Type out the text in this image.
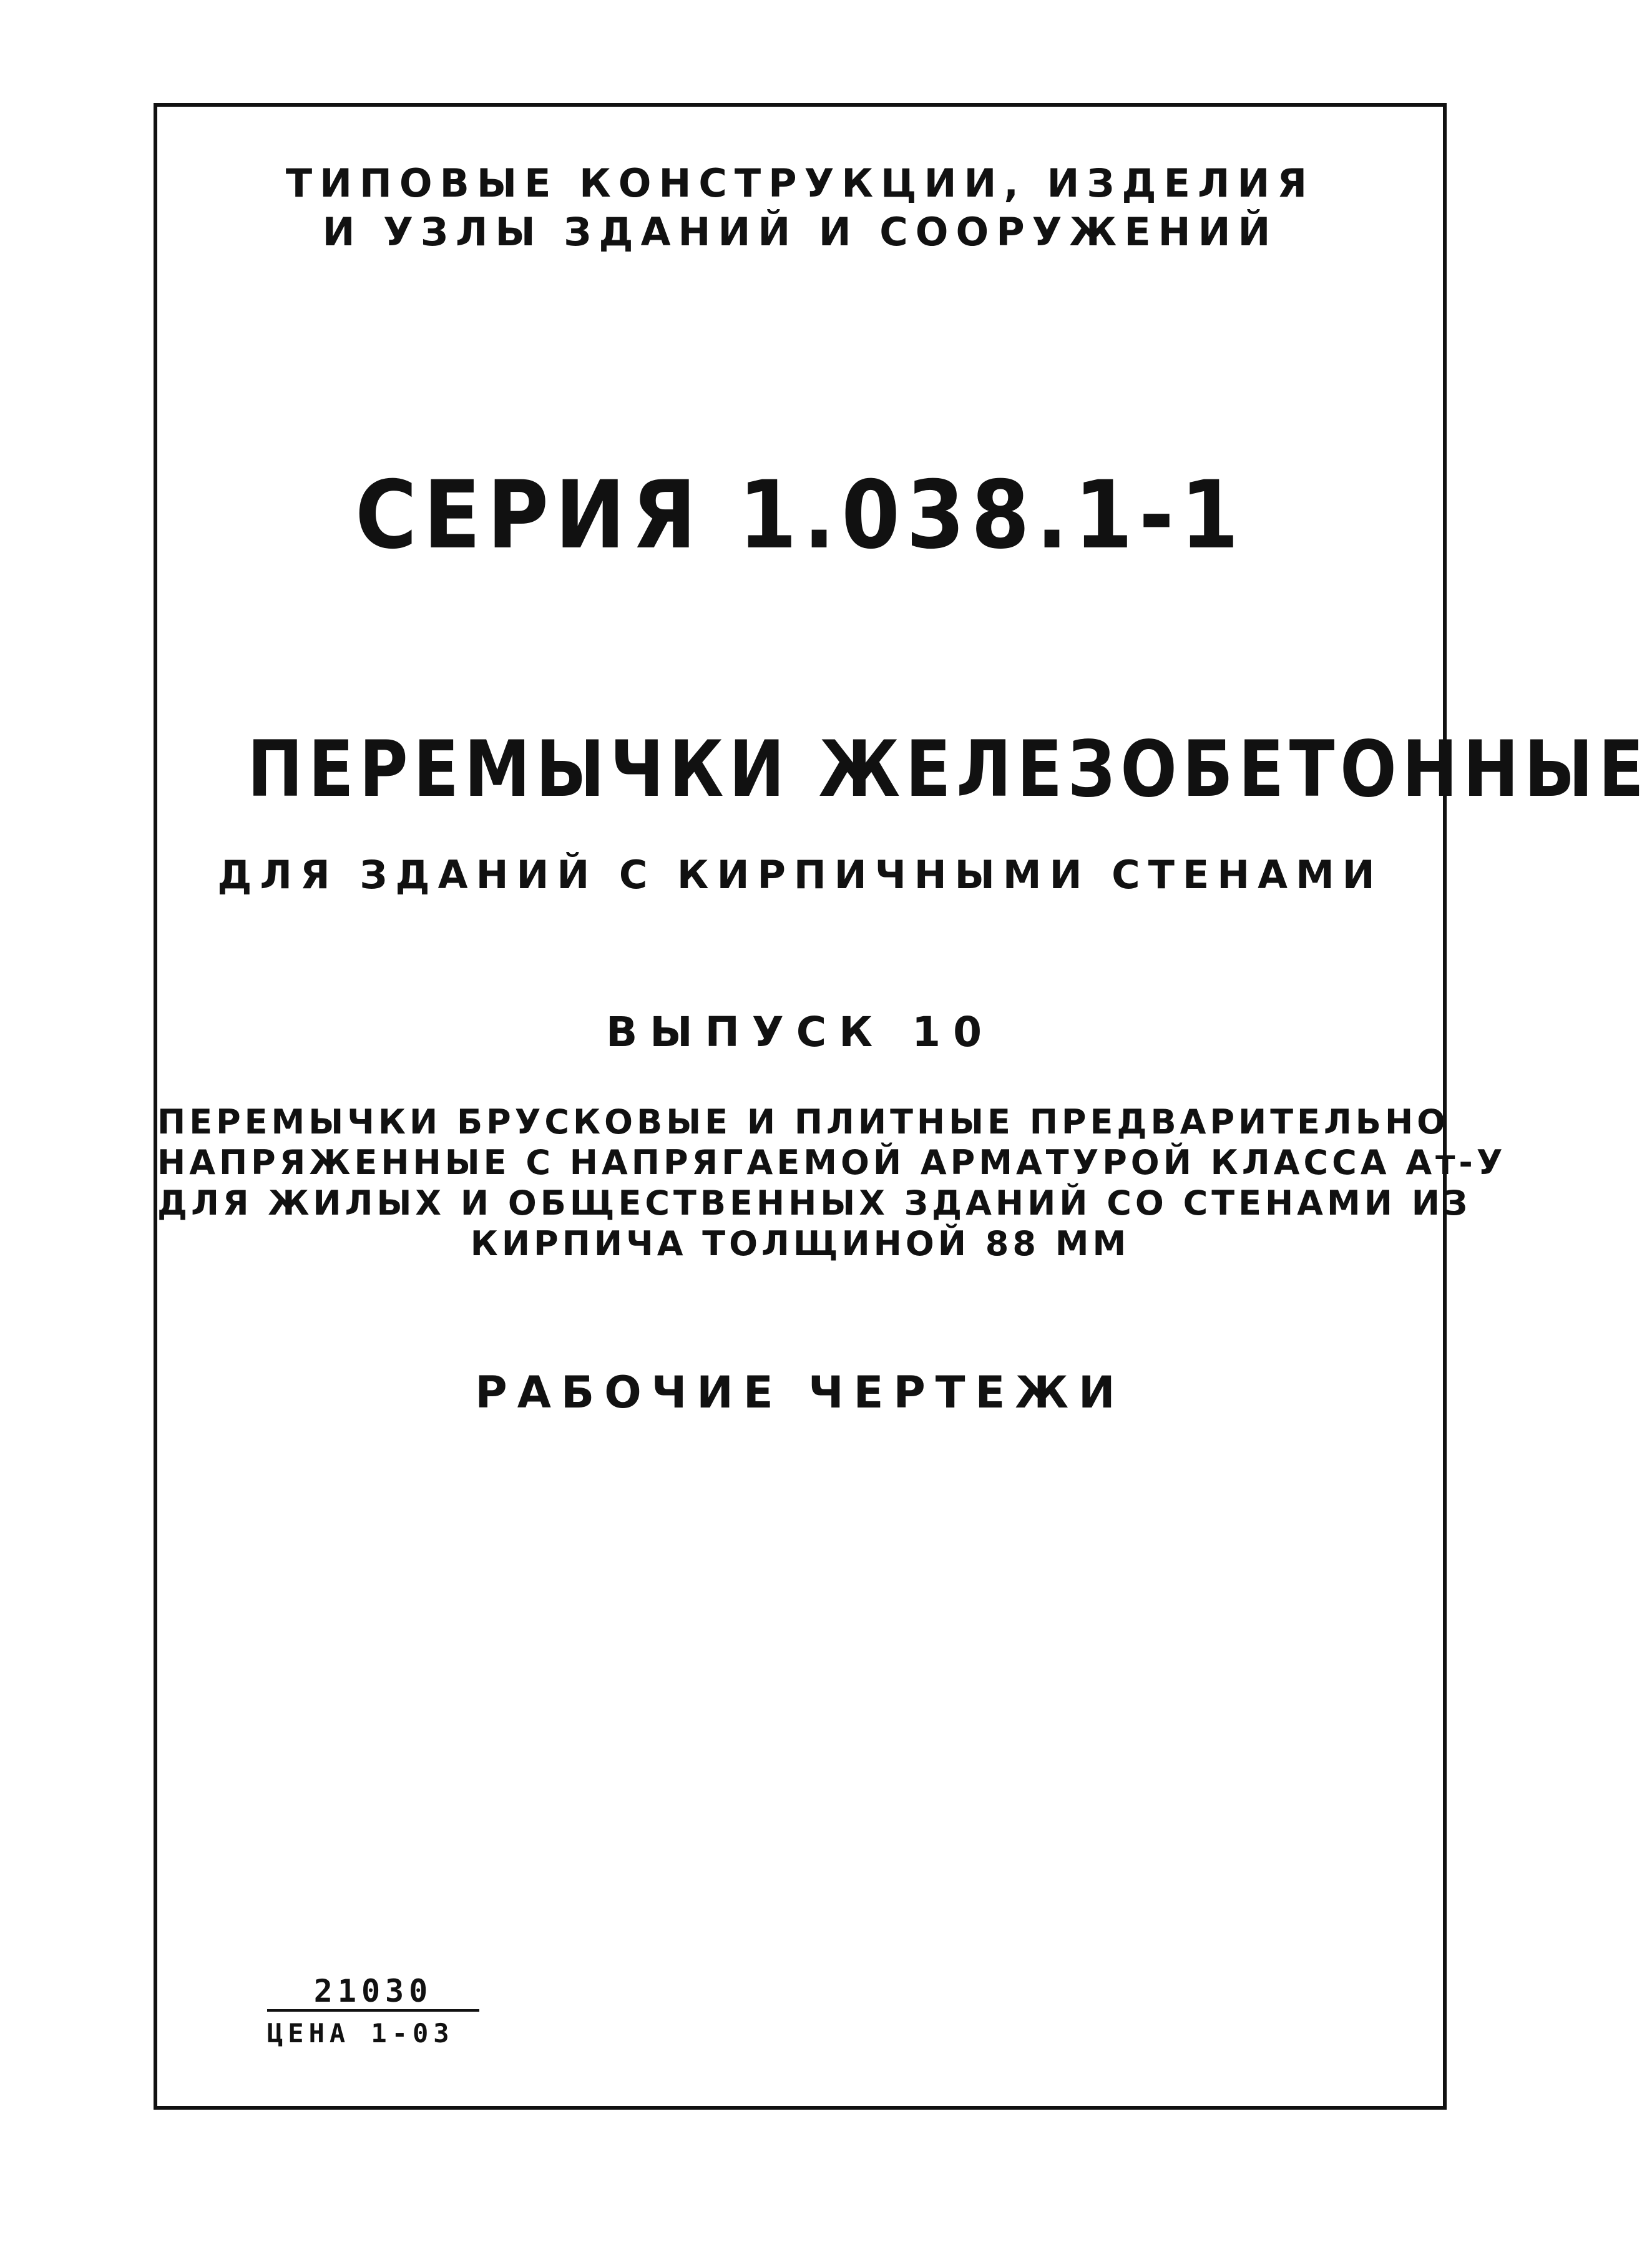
ТИПОВЫЕ КОНСТРУКЦИИ, ИЗДЕЛИЯ
И УЗЛЫ ЗДАНИЙ И СООРУЖЕНИЙ
СЕРИЯ 1.038.1-1
ПЕРЕМЫЧКИ ЖЕЛЕЗОБЕТОННЫЕ
ДЛЯ ЗДАНИЙ С КИРПИЧНЫМИ СТЕНАМИ
ВЫПУСК 10
ПЕРЕМЫЧКИ БРУСКОВЫЕ И ПЛИТНЫЕ ПРЕДВАРИТЕЛЬНО
НАПРЯЖЕННЫЕ С НАПРЯГАЕМОЙ АРМАТУРОЙ КЛАССА Ат-У
ДЛЯ ЖИЛЫХ И ОБЩЕСТВЕННЫХ ЗДАНИЙ СО СТЕНАМИ ИЗ
КИРПИЧА ТОЛЩИНОЙ 88 ММ
РАБОЧИЕ ЧЕРТЕЖИ
21030
ЦЕНА 1-03
